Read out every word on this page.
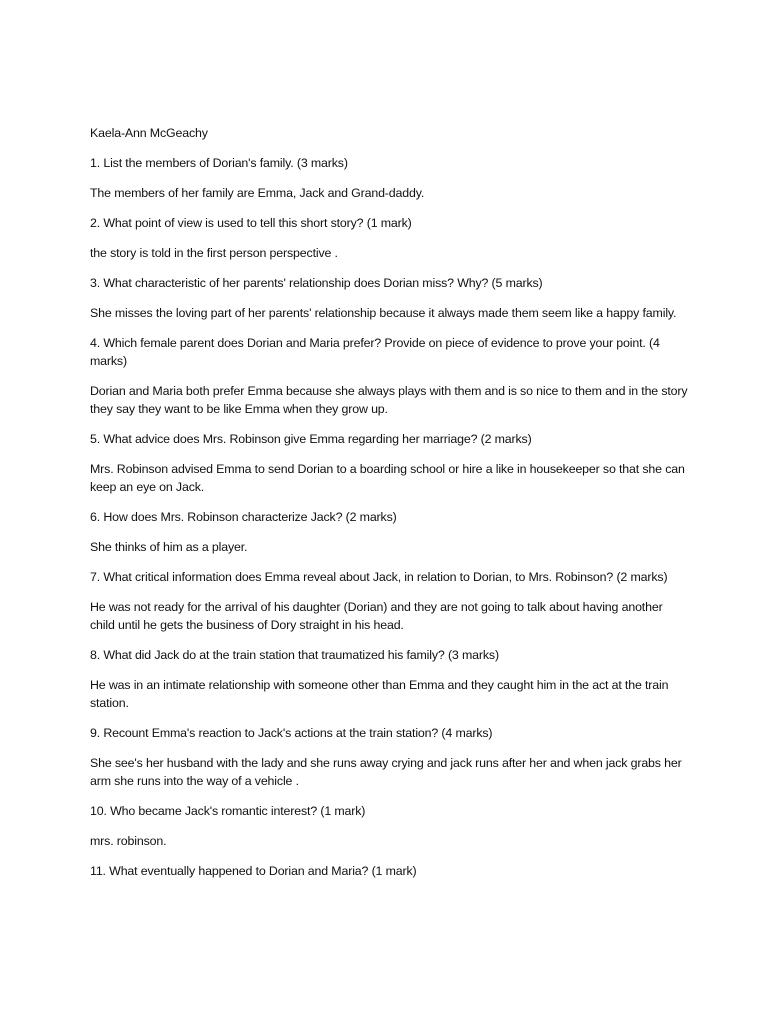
Kaela-Ann McGeachy

1. List the members of Dorian's family. (3 marks)

The members of her family are Emma, Jack and Grand-daddy.

2. What point of view is used to tell this short story? (1 mark)

the story is told in the first person perspective .

3. What characteristic of her parents' relationship does Dorian miss? Why? (5 marks)

She misses the loving part of her parents' relationship because it always made them seem like a happy family.

4. Which female parent does Dorian and Maria prefer? Provide on piece of evidence to prove your point. (4 marks)

Dorian and Maria both prefer Emma because she always plays with them and is so nice to them and in the story they say they want to be like Emma when they grow up.

5. What advice does Mrs. Robinson give Emma regarding her marriage? (2 marks)

Mrs. Robinson advised Emma to send Dorian to a boarding school or hire a like in housekeeper so that she can keep an eye on Jack.

6. How does Mrs. Robinson characterize Jack? (2 marks)

She thinks of him as a player.

7. What critical information does Emma reveal about Jack, in relation to Dorian, to Mrs. Robinson? (2 marks)

He was not ready for the arrival of his daughter (Dorian) and they are not going to talk about having another child until he gets the business of Dory straight in his head.

8. What did Jack do at the train station that traumatized his family? (3 marks)

He was in an intimate relationship with someone other than Emma and they caught him in the act at the train station.

9. Recount Emma's reaction to Jack's actions at the train station? (4 marks)

She see's her husband with the lady and she runs away crying and jack runs after her and when jack grabs her arm she runs into the way of a vehicle .

10. Who became Jack's romantic interest? (1 mark)

mrs. robinson.

11. What eventually happened to Dorian and Maria? (1 mark)
